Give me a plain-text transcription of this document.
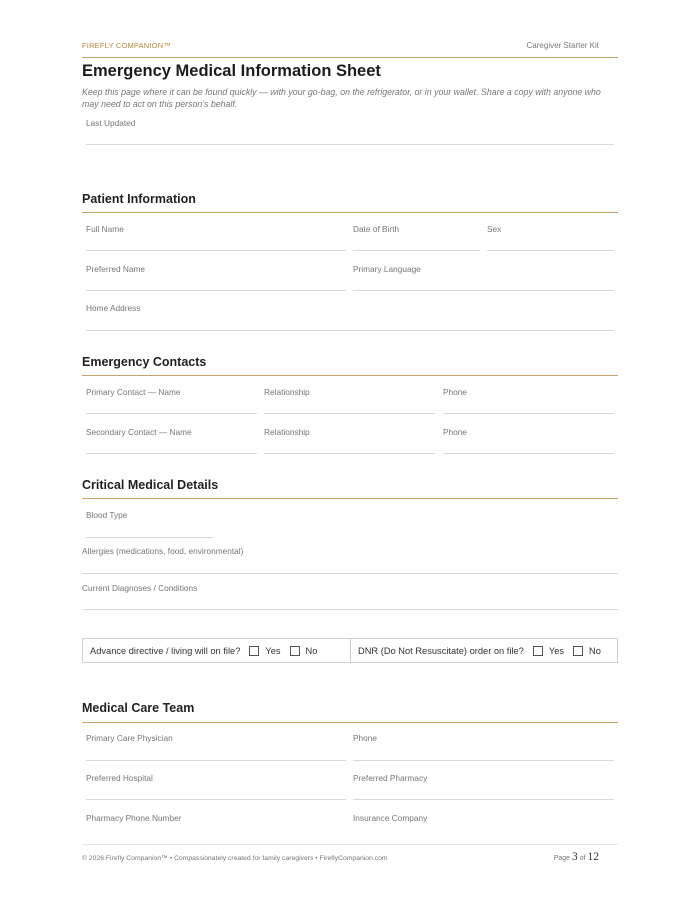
FIREFLY COMPANION™	Caregiver Starter Kit
Emergency Medical Information Sheet
Keep this page where it can be found quickly — with your go-bag, on the refrigerator, or in your wallet. Share a copy with anyone who may need to act on this person's behalf.
Last Updated
Patient Information
Full Name	Date of Birth	Sex
Preferred Name	Primary Language
Home Address
Emergency Contacts
Primary Contact — Name	Relationship	Phone
Secondary Contact — Name	Relationship	Phone
Critical Medical Details
Blood Type
Allergies (medications, food, environmental)
Current Diagnoses / Conditions
Advance directive / living will on file?	Yes	No	DNR (Do Not Resuscitate) order on file?	Yes	No
Medical Care Team
Primary Care Physician	Phone
Preferred Hospital	Preferred Pharmacy
Pharmacy Phone Number	Insurance Company
© 2026 Firefly Companion™ • Compassionately created for family caregivers • FireflyCompanion.com	Page 3 of 12
